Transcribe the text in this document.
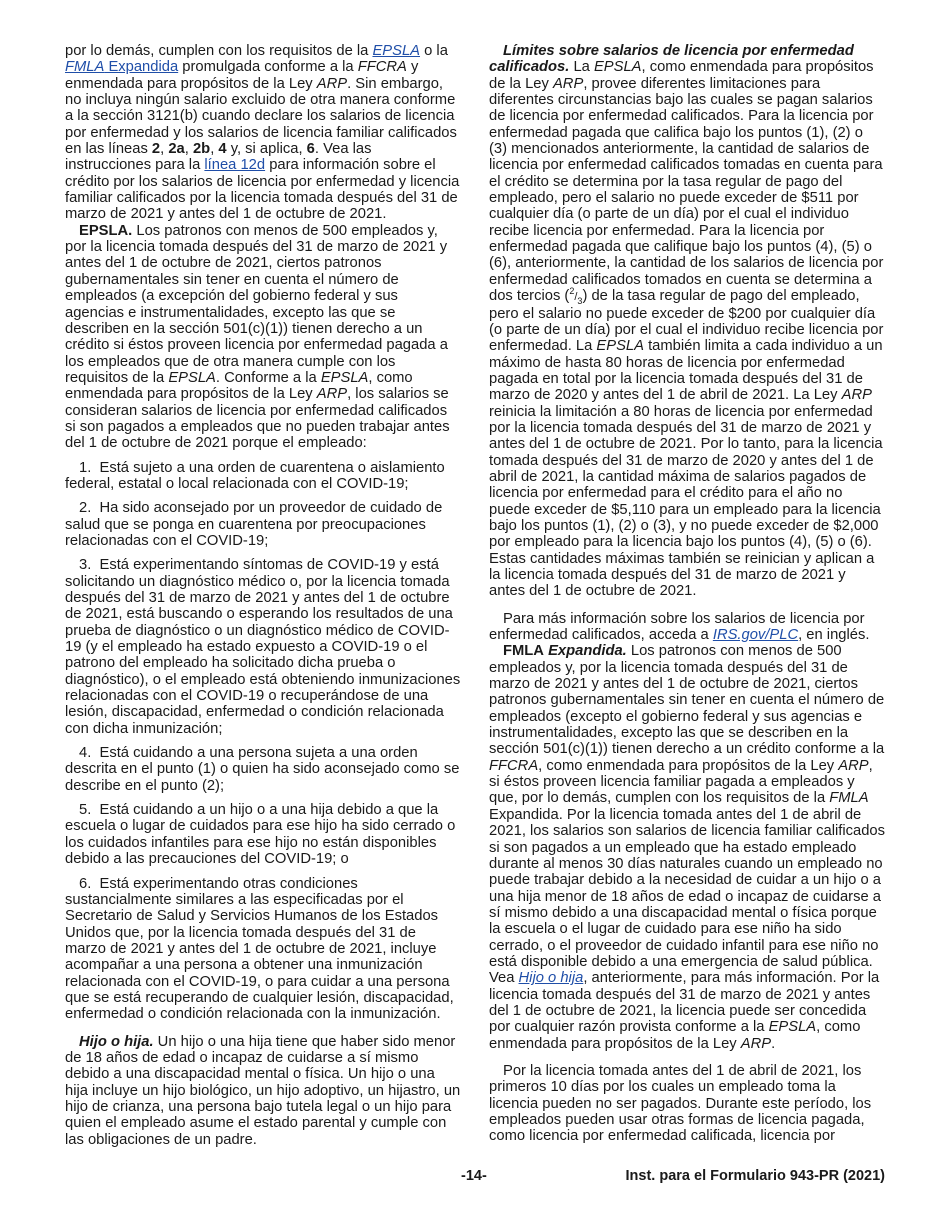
por lo demás, cumplen con los requisitos de la EPSLA o la FMLA Expandida promulgada conforme a la FFCRA y enmendada para propósitos de la Ley ARP. Sin embargo, no incluya ningún salario excluido de otra manera conforme a la sección 3121(b) cuando declare los salarios de licencia por enfermedad y los salarios de licencia familiar calificados en las líneas 2, 2a, 2b, 4 y, si aplica, 6. Vea las instrucciones para la línea 12d para información sobre el crédito por los salarios de licencia por enfermedad y licencia familiar calificados por la licencia tomada después del 31 de marzo de 2021 y antes del 1 de octubre de 2021.

EPSLA. Los patronos con menos de 500 empleados y, por la licencia tomada después del 31 de marzo de 2021 y antes del 1 de octubre de 2021, ciertos patronos gubernamentales sin tener en cuenta el número de empleados (a excepción del gobierno federal y sus agencias e instrumentalidades, excepto las que se describen en la sección 501(c)(1)) tienen derecho a un crédito si éstos proveen licencia por enfermedad pagada a los empleados que de otra manera cumple con los requisitos de la EPSLA. Conforme a la EPSLA, como enmendada para propósitos de la Ley ARP, los salarios se consideran salarios de licencia por enfermedad calificados si son pagados a empleados que no pueden trabajar antes del 1 de octubre de 2021 porque el empleado:

1.  Está sujeto a una orden de cuarentena o aislamiento federal, estatal o local relacionada con el COVID-19;

2.  Ha sido aconsejado por un proveedor de cuidado de salud que se ponga en cuarentena por preocupaciones relacionadas con el COVID-19;

3.  Está experimentando síntomas de COVID-19 y está solicitando un diagnóstico médico o, por la licencia tomada después del 31 de marzo de 2021 y antes del 1 de octubre de 2021, está buscando o esperando los resultados de una prueba de diagnóstico o un diagnóstico médico de COVID-19 (y el empleado ha estado expuesto a COVID-19 o el patrono del empleado ha solicitado dicha prueba o diagnóstico), o el empleado está obteniendo inmunizaciones relacionadas con el COVID-19 o recuperándose de una lesión, discapacidad, enfermedad o condición relacionada con dicha inmunización;

4.  Está cuidando a una persona sujeta a una orden descrita en el punto (1) o quien ha sido aconsejado como se describe en el punto (2);

5.  Está cuidando a un hijo o a una hija debido a que la escuela o lugar de cuidados para ese hijo ha sido cerrado o los cuidados infantiles para ese hijo no están disponibles debido a las precauciones del COVID-19; o

6.  Está experimentando otras condiciones sustancialmente similares a las especificadas por el Secretario de Salud y Servicios Humanos de los Estados Unidos que, por la licencia tomada después del 31 de marzo de 2021 y antes del 1 de octubre de 2021, incluye acompañar a una persona a obtener una inmunización relacionada con el COVID-19, o para cuidar a una persona que se está recuperando de cualquier lesión, discapacidad, enfermedad o condición relacionada con la inmunización.

Hijo o hija. Un hijo o una hija tiene que haber sido menor de 18 años de edad o incapaz de cuidarse a sí mismo debido a una discapacidad mental o física. Un hijo o una hija incluye un hijo biológico, un hijo adoptivo, un hijastro, un hijo de crianza, una persona bajo tutela legal o un hijo para quien el empleado asume el estado parental y cumple con las obligaciones de un padre.

Límites sobre salarios de licencia por enfermedad calificados. La EPSLA, como enmendada para propósitos de la Ley ARP, provee diferentes limitaciones para diferentes circunstancias bajo las cuales se pagan salarios de licencia por enfermedad calificados. Para la licencia por enfermedad pagada que califica bajo los puntos (1), (2) o (3) mencionados anteriormente, la cantidad de salarios de licencia por enfermedad calificados tomadas en cuenta para el crédito se determina por la tasa regular de pago del empleado, pero el salario no puede exceder de $511 por cualquier día (o parte de un día) por el cual el individuo recibe licencia por enfermedad. Para la licencia por enfermedad pagada que califique bajo los puntos (4), (5) o (6), anteriormente, la cantidad de los salarios de licencia por enfermedad calificados tomados en cuenta se determina a dos tercios $(^2/_3)$ de la tasa regular de pago del empleado, pero el salario no puede exceder de $200 por cualquier día (o parte de un día) por el cual el individuo recibe licencia por enfermedad. La EPSLA también limita a cada individuo a un máximo de hasta 80 horas de licencia por enfermedad pagada en total por la licencia tomada después del 31 de marzo de 2020 y antes del 1 de abril de 2021. La Ley ARP reinicia la limitación a 80 horas de licencia por enfermedad por la licencia tomada después del 31 de marzo de 2021 y antes del 1 de octubre de 2021. Por lo tanto, para la licencia tomada después del 31 de marzo de 2020 y antes del 1 de abril de 2021, la cantidad máxima de salarios pagados de licencia por enfermedad para el crédito para el año no puede exceder de $5,110 para un empleado para la licencia bajo los puntos (1), (2) o (3), y no puede exceder de $2,000 por empleado para la licencia bajo los puntos (4), (5) o (6). Estas cantidades máximas también se reinician y aplican a la licencia tomada después del 31 de marzo de 2021 y antes del 1 de octubre de 2021.

Para más información sobre los salarios de licencia por enfermedad calificados, acceda a IRS.gov/PLC, en inglés.

FMLA Expandida. Los patronos con menos de 500 empleados y, por la licencia tomada después del 31 de marzo de 2021 y antes del 1 de octubre de 2021, ciertos patronos gubernamentales sin tener en cuenta el número de empleados (excepto el gobierno federal y sus agencias e instrumentalidades, excepto las que se describen en la sección 501(c)(1)) tienen derecho a un crédito conforme a la FFCRA, como enmendada para propósitos de la Ley ARP, si éstos proveen licencia familiar pagada a empleados y que, por lo demás, cumplen con los requisitos de la FMLA Expandida. Por la licencia tomada antes del 1 de abril de 2021, los salarios son salarios de licencia familiar calificados si son pagados a un empleado que ha estado empleado durante al menos 30 días naturales cuando un empleado no puede trabajar debido a la necesidad de cuidar a un hijo o a una hija menor de 18 años de edad o incapaz de cuidarse a sí mismo debido a una discapacidad mental o física porque la escuela o el lugar de cuidado para ese niño ha sido cerrado, o el proveedor de cuidado infantil para ese niño no está disponible debido a una emergencia de salud pública. Vea Hijo o hija, anteriormente, para más información. Por la licencia tomada después del 31 de marzo de 2021 y antes del 1 de octubre de 2021, la licencia puede ser concedida por cualquier razón provista conforme a la EPSLA, como enmendada para propósitos de la Ley ARP.

Por la licencia tomada antes del 1 de abril de 2021, los primeros 10 días por los cuales un empleado toma la licencia pueden no ser pagados. Durante este período, los empleados pueden usar otras formas de licencia pagada, como licencia por enfermedad calificada, licencia por

-14-	Inst. para el Formulario 943-PR (2021)
